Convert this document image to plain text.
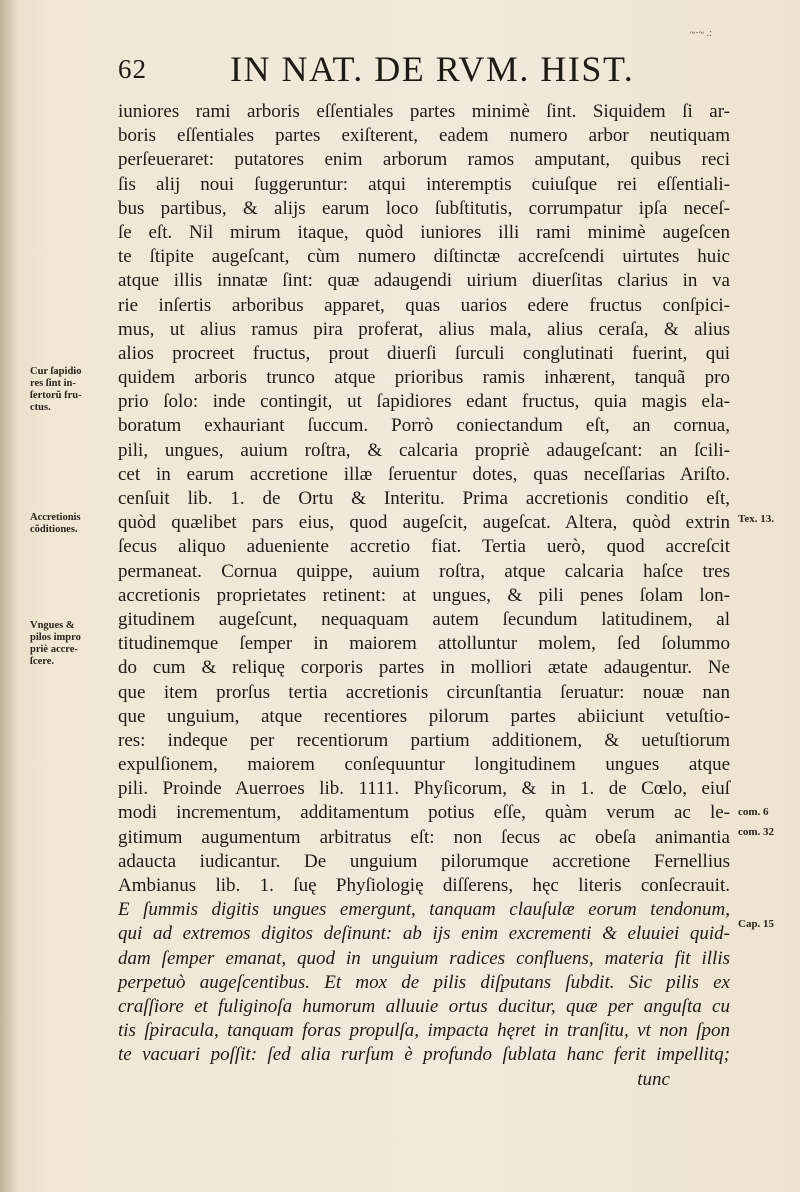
~·~ .:
62 IN NAT. DE RVM. HIST.
iuniores rami arboris eſſentiales partes minimè ſint. Siquidem ſi ar-
boris eſſentiales partes exiſterent, eadem numero arbor neutiquam
perſeueraret: putatores enim arborum ramos amputant, quibus reci
ſis alij noui ſuggeruntur: atqui interemptis cuiuſque rei eſſentiali-
bus partibus, & alijs earum loco ſubſtitutis, corrumpatur ipſa neceſ-
ſe eſt. Nil mirum itaque, quòd iuniores illi rami minimè augeſcen
te ſtipite augeſcant, cùm numero diſtinctæ accreſcendi uirtutes huic
atque illis innatæ ſint: quæ adaugendi uirium diuerſitas clarius in va
rie inſertis arboribus apparet, quas uarios edere fructus conſpici-
mus, ut alius ramus pira proferat, alius mala, alius ceraſa, & alius
alios procreet fructus, prout diuerſi ſurculi conglutinati fuerint, qui
quidem arboris trunco atque prioribus ramis inhærent, tanquã pro
prio ſolo: inde contingit, ut ſapidiores edant fructus, quia magis ela-
boratum exhauriant ſuccum. Porrò coniectandum eſt, an cornua,
pili, ungues, auium roſtra, & calcaria propriè adaugeſcant: an ſcili-
cet in earum accretione illæ ſeruentur dotes, quas neceſſarias Ariſto.
cenſuit lib. 1. de Ortu & Interitu. Prima accretionis conditio eſt,
quòd quælibet pars eius, quod augeſcit, augeſcat. Altera, quòd extrin
ſecus aliquo adueniente accretio fiat. Tertia uerò, quod accreſcit
permaneat. Cornua quippe, auium roſtra, atque calcaria haſce tres
accretionis proprietates retinent: at ungues, & pili penes ſolam lon-
gitudinem augeſcunt, nequaquam autem ſecundum latitudinem, al
titudinemque ſemper in maiorem attolluntur molem, ſed ſolummo
do cum & reliquę corporis partes in molliori ætate adaugentur. Ne
que item prorſus tertia accretionis circunſtantia ſeruatur: nouæ nan
que unguium, atque recentiores pilorum partes abiiciunt vetuſtio-
res: indeque per recentiorum partium additionem, & uetuſtiorum
expulſionem, maiorem conſequuntur longitudinem ungues atque
pili. Proinde Auerroes lib. 1111. Phyſicorum, & in 1. de Cœlo, eiuſ
modi incrementum, additamentum potius eſſe, quàm verum ac le-
gitimum augumentum arbitratus eſt: non ſecus ac obeſa animantia
adaucta iudicantur. De unguium pilorumque accretione Fernellius
Ambianus lib. 1. ſuę Phyſiologię diſſerens, hęc literis conſecrauit.
E ſummis digitis ungues emergunt, tanquam clauſulæ eorum tendonum,
qui ad extremos digitos deſinunt: ab ijs enim excrementi & eluuiei quid-
dam ſemper emanat, quod in unguium radices confluens, materia fit illis
perpetuò augeſcentibus. Et mox de pilis diſputans ſubdit. Sic pilis ex
craſſiore et fuliginoſa humorum alluuie ortus ducitur, quæ per anguſta cu
tis ſpiracula, tanquam foras propulſa, impacta hęret in tranſitu, vt non ſpon
te vacuari poſſit: ſed alia rurſum è profundo ſublata hanc ferit impellitq;
tunc
Cur ſapidio
res ſint in-
ſertorũ fru-
ctus.
Accretionis
cõditiones.
Vngues &
pilos impro
priè accre-
ſcere.
Tex. 13.
com. 6
com. 32
Cap. 15
